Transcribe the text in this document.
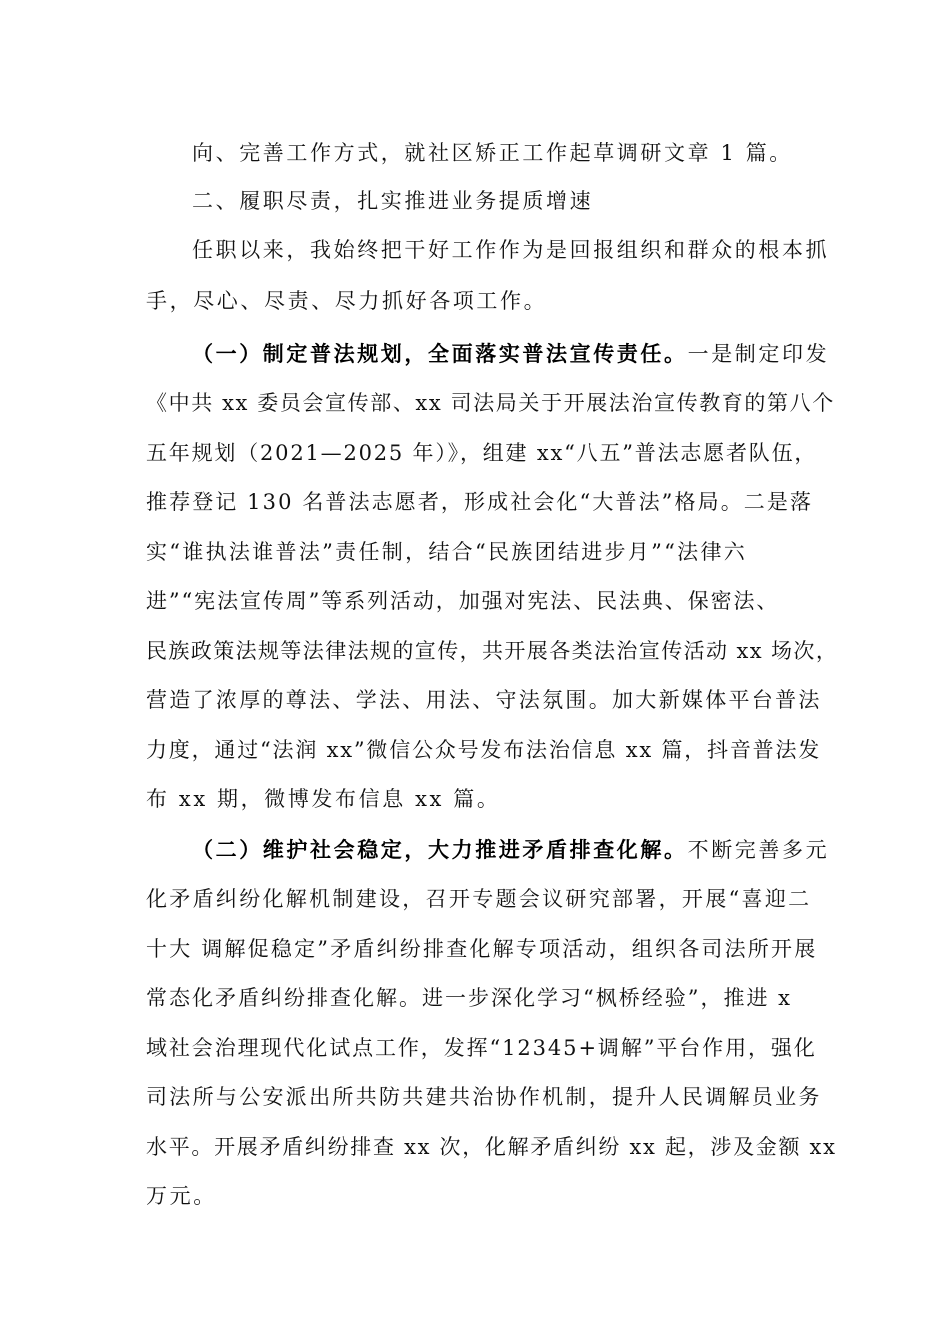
向、完善工作方式，就社区矫正工作起草调研文章 1 篇。
二、履职尽责，扎实推进业务提质增速
任职以来，我始终把干好工作作为是回报组织和群众的根本抓
手，尽心、尽责、尽力抓好各项工作。
（一）制定普法规划，全面落实普法宣传责任。一是制定印发
《中共 xx 委员会宣传部、xx 司法局关于开展法治宣传教育的第八个
五年规划（2021—2025 年）》，组建 xx“八五”普法志愿者队伍，
推荐登记 130 名普法志愿者，形成社会化“大普法”格局。二是落
实“谁执法谁普法”责任制，结合“民族团结进步月”“法律六
进”“宪法宣传周”等系列活动，加强对宪法、民法典、保密法、
民族政策法规等法律法规的宣传，共开展各类法治宣传活动 xx 场次，
营造了浓厚的尊法、学法、用法、守法氛围。加大新媒体平台普法
力度，通过“法润 xx”微信公众号发布法治信息 xx 篇，抖音普法发
布 xx 期，微博发布信息 xx 篇。
（二）维护社会稳定，大力推进矛盾排查化解。不断完善多元
化矛盾纠纷化解机制建设，召开专题会议研究部署，开展“喜迎二
十大 调解促稳定”矛盾纠纷排查化解专项活动，组织各司法所开展
常态化矛盾纠纷排查化解。进一步深化学习“枫桥经验”，推进 x
域社会治理现代化试点工作，发挥“12345+调解”平台作用，强化
司法所与公安派出所共防共建共治协作机制，提升人民调解员业务
水平。开展矛盾纠纷排查 xx 次，化解矛盾纠纷 xx 起，涉及金额 xx
万元。
